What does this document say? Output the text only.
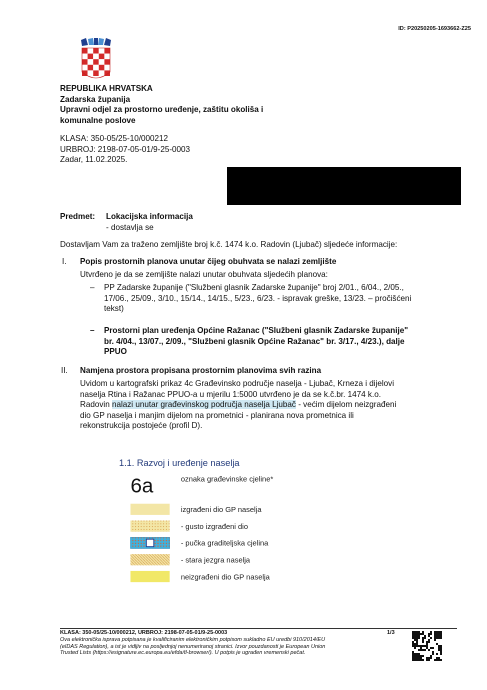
ID: P20250205-1693662-Z25
REPUBLIKA HRVATSKA
Zadarska županija
Upravni odjel za prostorno uređenje, zaštitu okoliša i
komunalne poslove
KLASA: 350-05/25-10/000212
URBROJ: 2198-07-05-01/9-25-0003
Zadar, 11.02.2025.
Predmet: Lokacijska informacija
- dostavlja se
Dostavljam Vam za traženo zemljište broj k.č. 1474 k.o. Radovin (Ljubač) sljedeće informacije:
I. Popis prostornih planova unutar čijeg obuhvata se nalazi zemljište
Utvrđeno je da se zemljište nalazi unutar obuhvata sljedećih planova:
– PP Zadarske županije ("Službeni glasnik Zadarske županije" broj 2/01., 6/04., 2/05.,
17/06., 25/09., 3/10., 15/14., 14/15., 5/23., 6/23. - ispravak greške, 13/23. – pročišćeni
tekst)
– Prostorni plan uređenja Općine Ražanac ("Službeni glasnik Zadarske županije"
br. 4/04., 13/07., 2/09., "Službeni glasnik Općine Ražanac" br. 3/17., 4/23.), dalje
PPUO
II. Namjena prostora propisana prostornim planovima svih razina
Uvidom u kartografski prikaz 4c Građevinsko područje naselja - Ljubač, Krneza i dijelovi
naselja Rtina i Ražanac PPUO-a u mjerilu 1:5000 utvrđeno je da se k.č.br. 1474 k.o.
Radovin nalazi unutar građevinskog područja naselja Ljubač - većim dijelom neizgrađeni
dio GP naselja i manjim dijelom na prometnici - planirana nova prometnica ili
rekonstrukcija postojeće (profil D).
1.1. Razvoj i uređenje naselja
6a	oznaka građevinske cjeline*
izgrađeni dio GP naselja
- gusto izgrađeni dio
- pučka graditeljska cjelina
- stara jezgra naselja
neizgrađeni dio GP naselja
KLASA: 350-05/25-10/000212, URBROJ: 2198-07-05-01/9-25-0003	1/3
Ova elektronička isprava potpisana je kvalificiranim elektroničkim potpisom sukladno EU uredbi 910/2014/EU
(eIDAS Regulation), a ist je vidljiv na posljednjoj nenumeriranoj stranici. Izvor pouzdanosti je European Union
Trusted Lists (https://esignature.ec.europa.eu/efda/tl-browser/). U potpis je ugrađen vremenski pečat.
